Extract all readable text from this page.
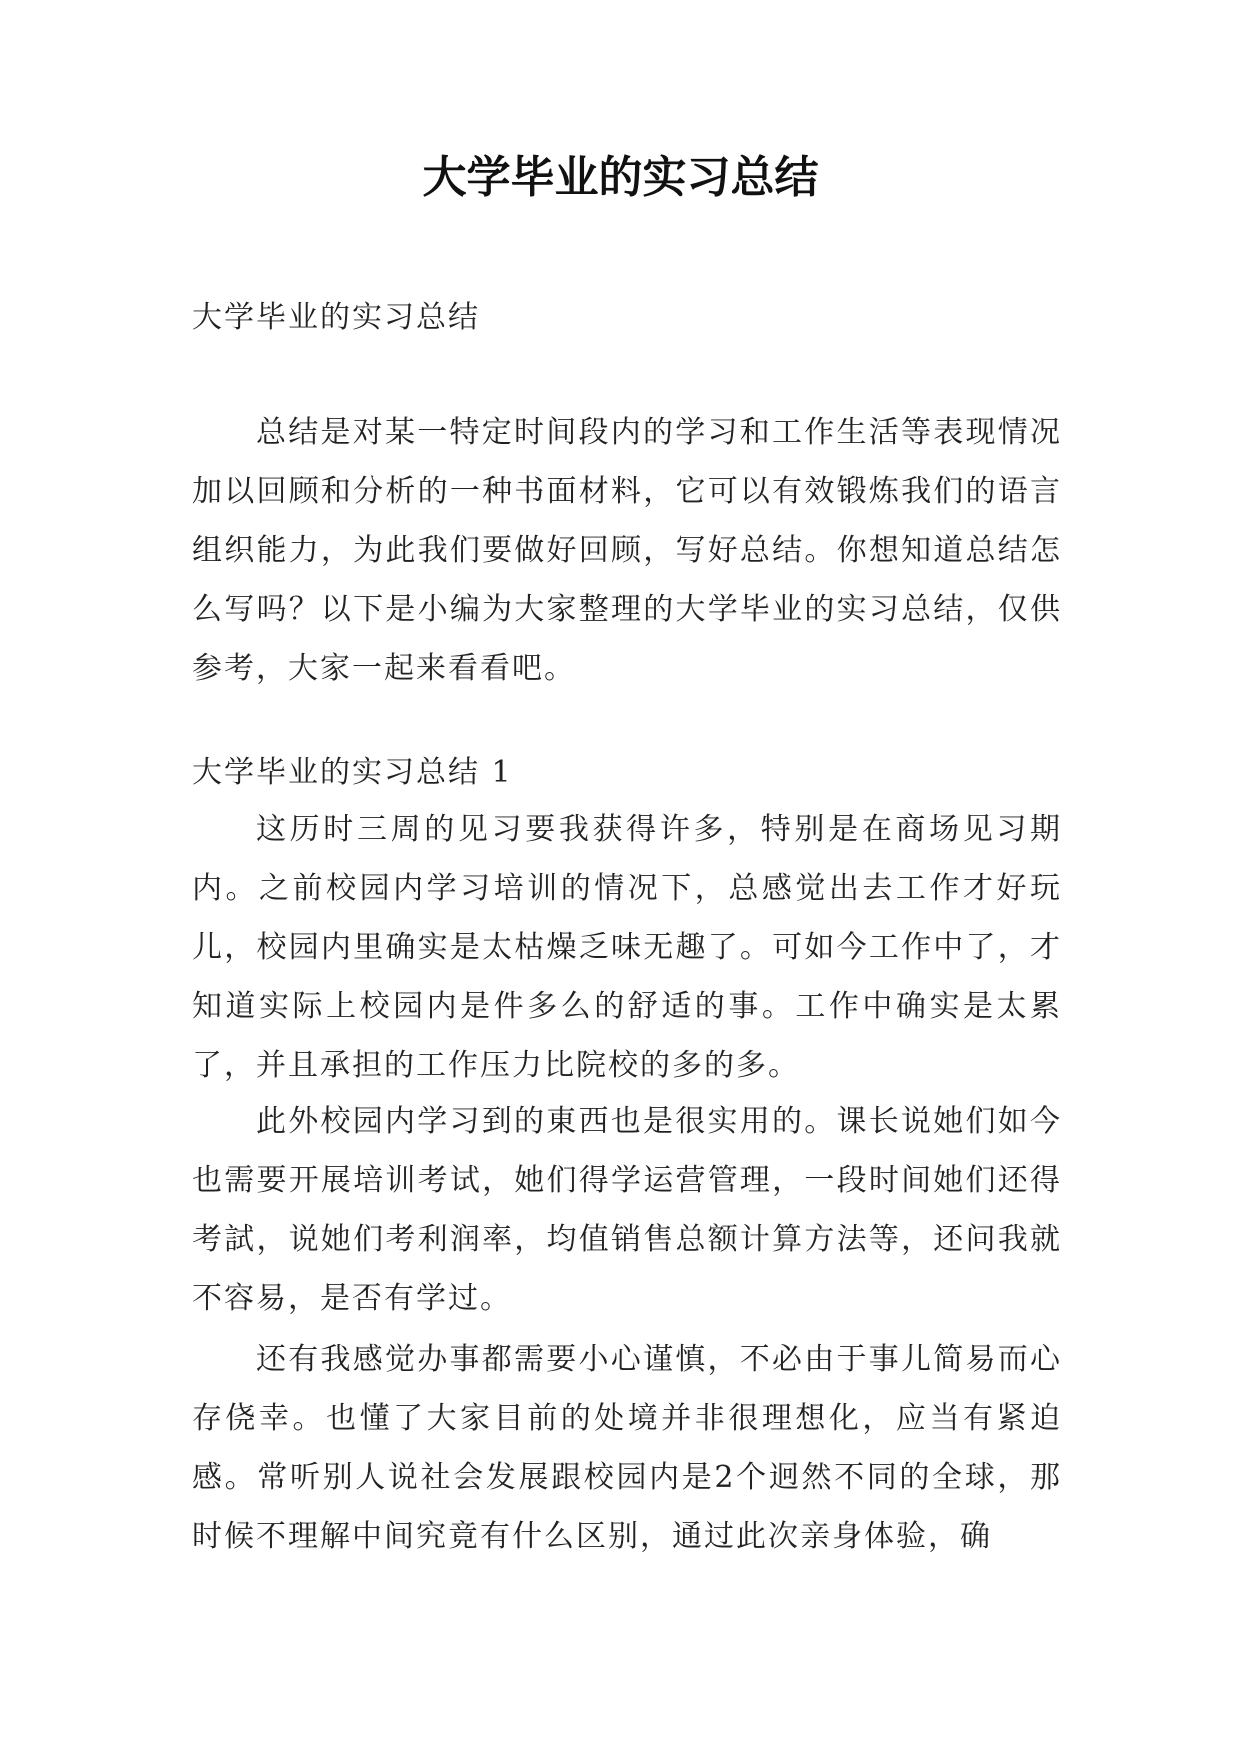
大学毕业的实习总结

大学毕业的实习总结

总结是对某一特定时间段内的学习和工作生活等表现情况加以回顾和分析的一种书面材料，它可以有效锻炼我们的语言组织能力，为此我们要做好回顾，写好总结。你想知道总结怎么写吗？以下是小编为大家整理的大学毕业的实习总结，仅供参考，大家一起来看看吧。

大学毕业的实习总结 1

这历时三周的见习要我获得许多，特别是在商场见习期内。之前校园内学习培训的情况下，总感觉出去工作才好玩儿，校园内里确实是太枯燥乏味无趣了。可如今工作中了，才知道实际上校园内是件多么的舒适的事。工作中确实是太累了，并且承担的工作压力比院校的多的多。

此外校园内学习到的東西也是很实用的。课长说她们如今也需要开展培训考试，她们得学运营管理，一段时间她们还得考試，说她们考利润率，均值销售总额计算方法等，还问我就不容易，是否有学过。

还有我感觉办事都需要小心谨慎，不必由于事儿简易而心存侥幸。也懂了大家目前的处境并非很理想化，应当有紧迫感。常听别人说社会发展跟校园内是2个迥然不同的全球，那时候不理解中间究竟有什么区别，通过此次亲身体验，确
